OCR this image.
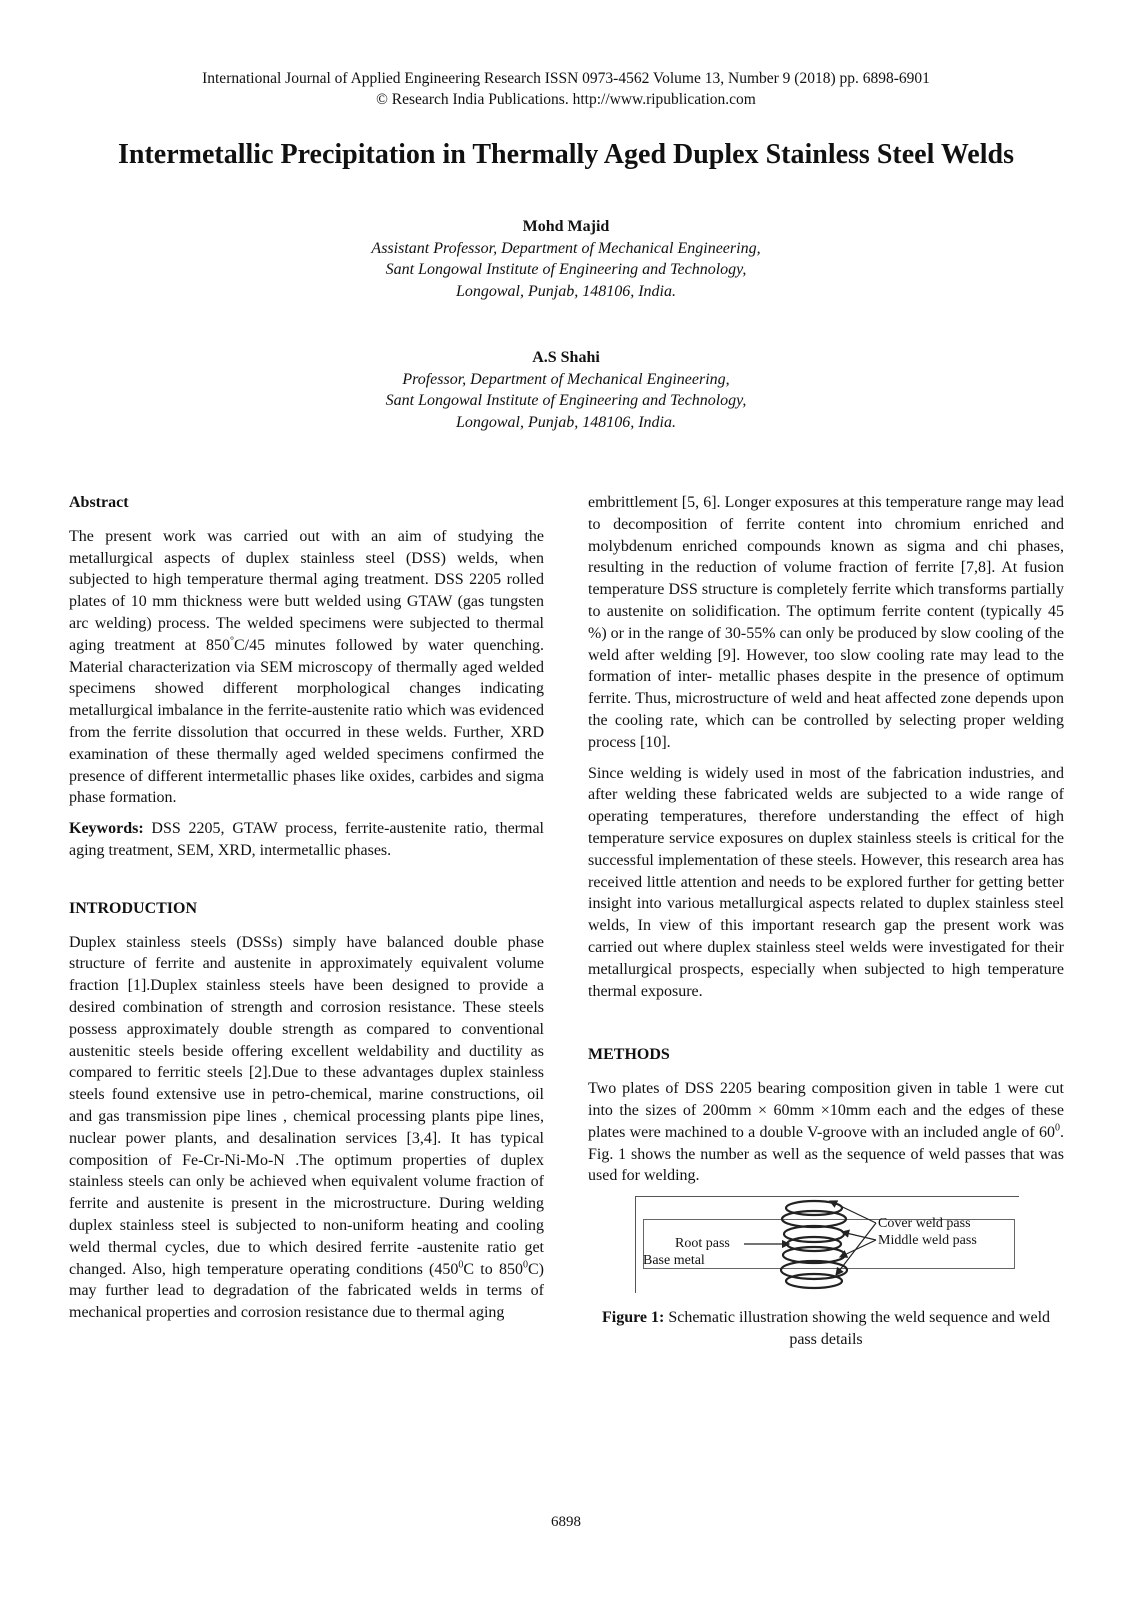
International Journal of Applied Engineering Research ISSN 0973-4562 Volume 13, Number 9 (2018) pp. 6898-6901
© Research India Publications. http://www.ripublication.com
Intermetallic Precipitation in Thermally Aged Duplex Stainless Steel Welds
Mohd Majid
Assistant Professor, Department of Mechanical Engineering,
Sant Longowal Institute of Engineering and Technology,
Longowal, Punjab, 148106, India.
A.S Shahi
Professor, Department of Mechanical Engineering,
Sant Longowal Institute of Engineering and Technology,
Longowal, Punjab, 148106, India.
Abstract

The present work was carried out with an aim of studying the metallurgical aspects of duplex stainless steel (DSS) welds, when subjected to high temperature thermal aging treatment. DSS 2205 rolled plates of 10 mm thickness were butt welded using GTAW (gas tungsten arc welding) process. The welded specimens were subjected to thermal aging treatment at 850°C/45 minutes followed by water quenching. Material characterization via SEM microscopy of thermally aged welded specimens showed different morphological changes indicating metallurgical imbalance in the ferrite-austenite ratio which was evidenced from the ferrite dissolution that occurred in these welds. Further, XRD examination of these thermally aged welded specimens confirmed the presence of different intermetallic phases like oxides, carbides and sigma phase formation.

Keywords: DSS 2205, GTAW process, ferrite-austenite ratio, thermal aging treatment, SEM, XRD, intermetallic phases.

INTRODUCTION

Duplex stainless steels (DSSs) simply have balanced double phase structure of ferrite and austenite in approximately equivalent volume fraction [1].Duplex stainless steels have been designed to provide a desired combination of strength and corrosion resistance. These steels possess approximately double strength as compared to conventional austenitic steels beside offering excellent weldability and ductility as compared to ferritic steels [2].Due to these advantages duplex stainless steels found extensive use in petro-chemical, marine constructions, oil and gas transmission pipe lines , chemical processing plants pipe lines, nuclear power plants, and desalination services [3,4]. It has typical composition of Fe-Cr-Ni-Mo-N .The optimum properties of duplex stainless steels can only be achieved when equivalent volume fraction of ferrite and austenite is present in the microstructure. During welding duplex stainless steel is subjected to non-uniform heating and cooling weld thermal cycles, due to which desired ferrite -austenite ratio get changed. Also, high temperature operating conditions ($450^0C$ to $850^0C$) may further lead to degradation of the fabricated welds in terms of mechanical properties and corrosion resistance due to thermal aging

embrittlement [5, 6]. Longer exposures at this temperature range may lead to decomposition of ferrite content into chromium enriched and molybdenum enriched compounds known as sigma and chi phases, resulting in the reduction of volume fraction of ferrite [7,8]. At fusion temperature DSS structure is completely ferrite which transforms partially to austenite on solidification. The optimum ferrite content (typically 45 %) or in the range of 30-55% can only be produced by slow cooling of the weld after welding [9]. However, too slow cooling rate may lead to the formation of inter- metallic phases despite in the presence of optimum ferrite. Thus, microstructure of weld and heat affected zone depends upon the cooling rate, which can be controlled by selecting proper welding process [10].

Since welding is widely used in most of the fabrication industries, and after welding these fabricated welds are subjected to a wide range of operating temperatures, therefore understanding the effect of high temperature service exposures on duplex stainless steels is critical for the successful implementation of these steels. However, this research area has received little attention and needs to be explored further for getting better insight into various metallurgical aspects related to duplex stainless steel welds, In view of this important research gap the present work was carried out where duplex stainless steel welds were investigated for their metallurgical prospects, especially when subjected to high temperature thermal exposure.

METHODS

Two plates of DSS 2205 bearing composition given in table 1 were cut into the sizes of 200mm × 60mm ×10mm each and the edges of these plates were machined to a double V-groove with an included angle of $60^0$. Fig. 1 shows the number as well as the sequence of weld passes that was used for welding.

Cover weld pass
Middle weld pass
Root pass
Base metal
Figure 1: Schematic illustration showing the weld sequence and weld pass details
6898
